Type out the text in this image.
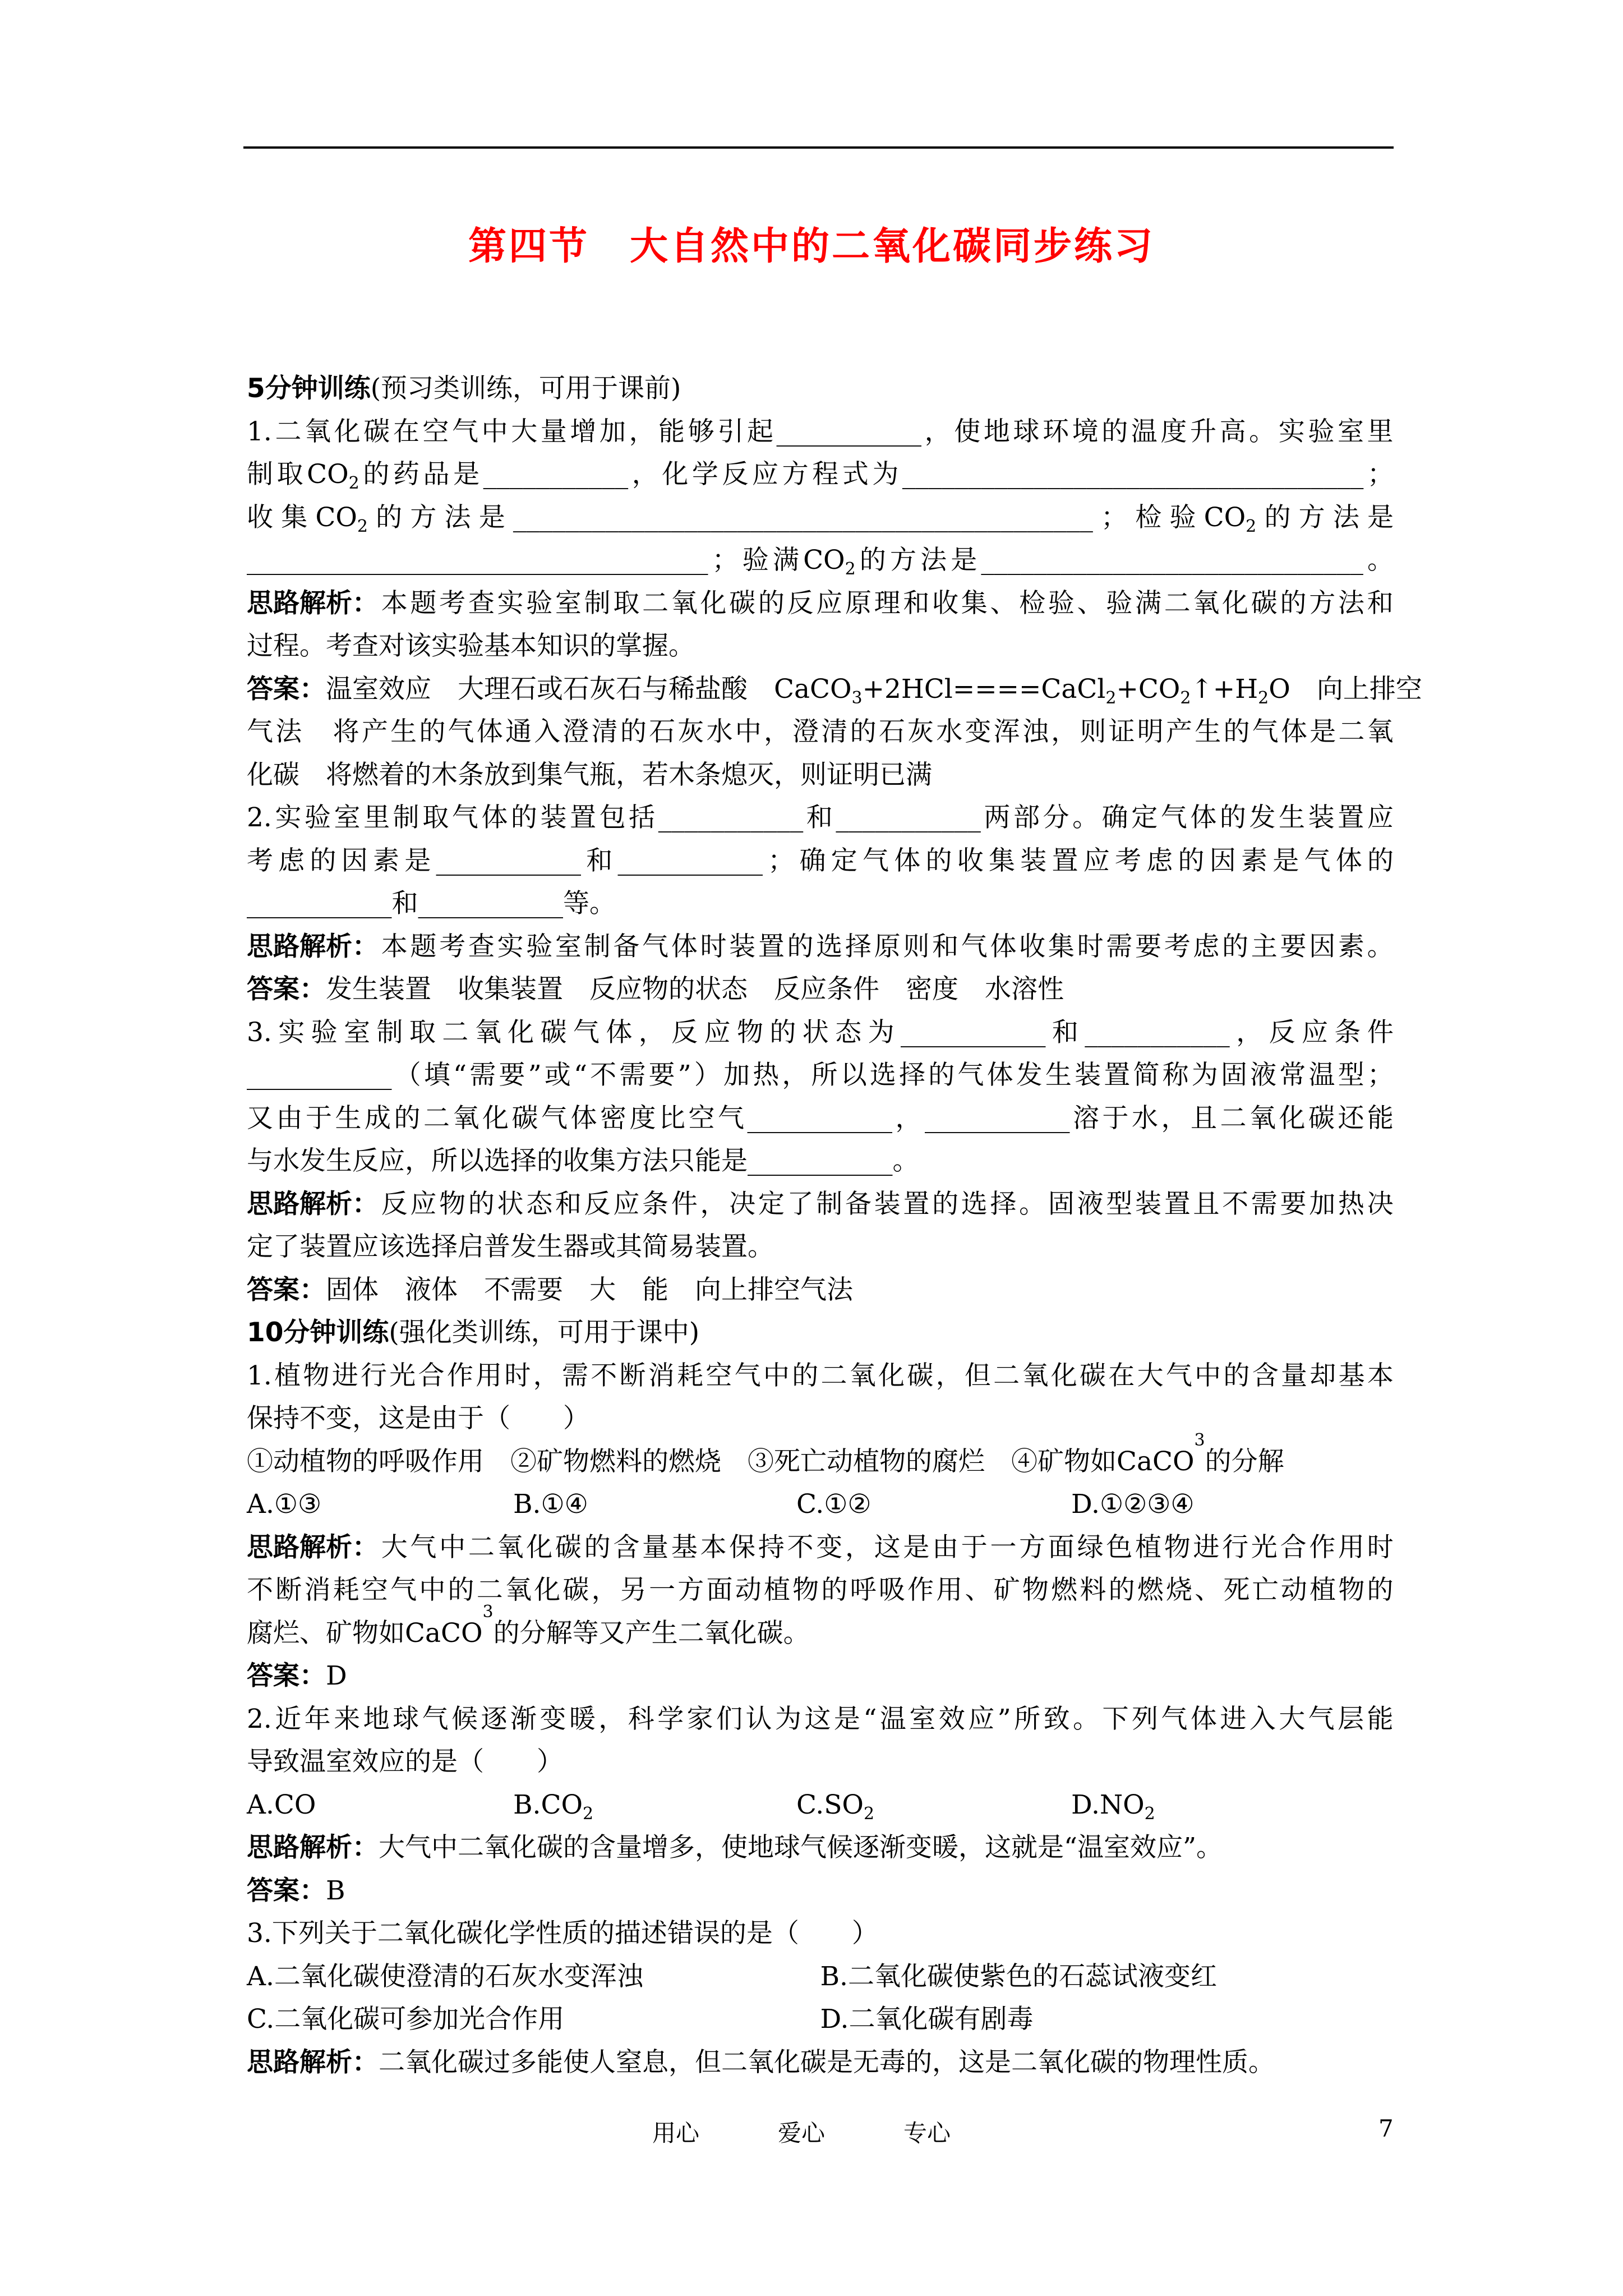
第四节　大自然中的二氧化碳同步练习
5分钟训练 (预习类训练，可用于课前)
1. 二 氧 化 碳 在 空 气 中 大 量 增 加 ， 能 够 引 起 ___________ ， 使 地 球 环 境 的 温 度 升 高 。 实 验 室 里
制 取 $CO_2$ 的 药 品 是 ___________ ， 化 学 反 应 方 程 式 为 ___________________________________ ；
收 集 $CO_2$ 的 方 法 是 ____________________________________________ ； 检 验 $CO_2$ 的 方 法 是
___________________________________ ； 验 满 $CO_2$ 的 方 法 是 _____________________________ 。
思路解析： 本 题 考 查 实 验 室 制 取 二 氧 化 碳 的 反 应 原 理 和 收 集 、 检 验 、 验 满 二 氧 化 碳 的 方 法 和
过程。考查对该实验基本知识的掌握。
答案： 温 室 效 应
　 大 理 石 或 石 灰 石 与 稀 盐 酸
　 CaCO$_3$+2HCl====CaCl$_2$+ $CO_2↑+H_2O$
　 向 上 排 空
气 法
　 将 产 生 的 气 体 通 入 澄 清 的 石 灰 水 中 ， 澄 清 的 石 灰 水 变 浑 浊 ， 则 证 明 产 生 的 气 体 是 二 氧
化碳　将燃着的木条放到集气瓶，若木条熄灭，则证明已满
2. 实 验 室 里 制 取 气 体 的 装 置 包 括 ___________ 和 ___________ 两 部 分 。 确 定 气 体 的 发 生 装 置 应
考 虑 的 因 素 是 ___________ 和 ___________ ； 确 定 气 体 的 收 集 装 置 应 考 虑 的 因 素 是 气 体 的
___________和___________等。
思路解析： 本 题 考 查 实 验 室 制 备 气 体 时 装 置 的 选 择 原 则 和 气 体 收 集 时 需 要 考 虑 的 主 要 因 素 。
答案： 发生装置　收集装置　反应物的状态　反应条件　密度　水溶性
3. 实 验 室 制 取 二 氧 化 碳 气 体 ， 反 应 物 的 状 态 为 ___________ 和 ___________ ， 反 应 条 件
___________ （ 填 “ 需 要 ” 或 “ 不 需 要 ” ） 加 热 ， 所 以 选 择 的 气 体 发 生 装 置 简 称 为 固 液 常 温 型 ；
又 由 于 生 成 的 二 氧 化 碳 气 体 密 度 比 空 气 ___________ ， ___________ 溶 于 水 ， 且 二 氧 化 碳 还 能
与水发生反应，所以选择的收集方法只能是___________。
思路解析： 反 应 物 的 状 态 和 反 应 条 件 ， 决 定 了 制 备 装 置 的 选 择 。 固 液 型 装 置 且 不 需 要 加 热 决
定了装置应该选择启普发生器或其简易装置。
答案： 固体　液体　不需要　大　能　向上排空气法
10分钟训练 (强化类训练，可用于课中)
1. 植 物 进 行 光 合 作 用 时 ， 需 不 断 消 耗 空 气 中 的 二 氧 化 碳 ， 但 二 氧 化 碳 在 大 气 中 的 含 量 却 基 本
保持不变，这是由于（　　）
①动植物的呼吸作用　②矿物燃料的燃烧　③死亡动植物的腐烂　④矿物如CaCO
3
的分解
A.①③	B.①④	C.①②	D.①②③④
思路解析： 大 气 中 二 氧 化 碳 的 含 量 基 本 保 持 不 变 ， 这 是 由 于 一 方 面 绿 色 植 物 进 行 光 合 作 用 时
不 断 消 耗 空 气 中 的 二 氧 化 碳 ， 另 一 方 面 动 植 物 的 呼 吸 作 用 、 矿 物 燃 料 的 燃 烧 、 死 亡 动 植 物 的
腐烂、矿物如CaCO
3
的分解等又产生二氧化碳。
答案： D
2. 近 年 来 地 球 气 候 逐 渐 变 暖 ， 科 学 家 们 认 为 这 是 “ 温 室 效 应 ” 所 致 。 下 列 气 体 进 入 大 气 层 能
导致温室效应的是（　　）
A.CO	$B.CO_2$	$C.SO_2$	$D.NO_2$
思路解析： 大气中二氧化碳的含量增多，使地球气候逐渐变暖，这就是“温室效应”。
答案： B
3.下列关于二氧化碳化学性质的描述错误的是（　　）
A.二氧化碳使澄清的石灰水变浑浊	B.二氧化碳使紫色的石蕊试液变红
C.二氧化碳可参加光合作用	D.二氧化碳有剧毒
思路解析： 二氧化碳过多能使人窒息，但二氧化碳是无毒的，这是二氧化碳的物理性质。
用心	爱心	专心	7
